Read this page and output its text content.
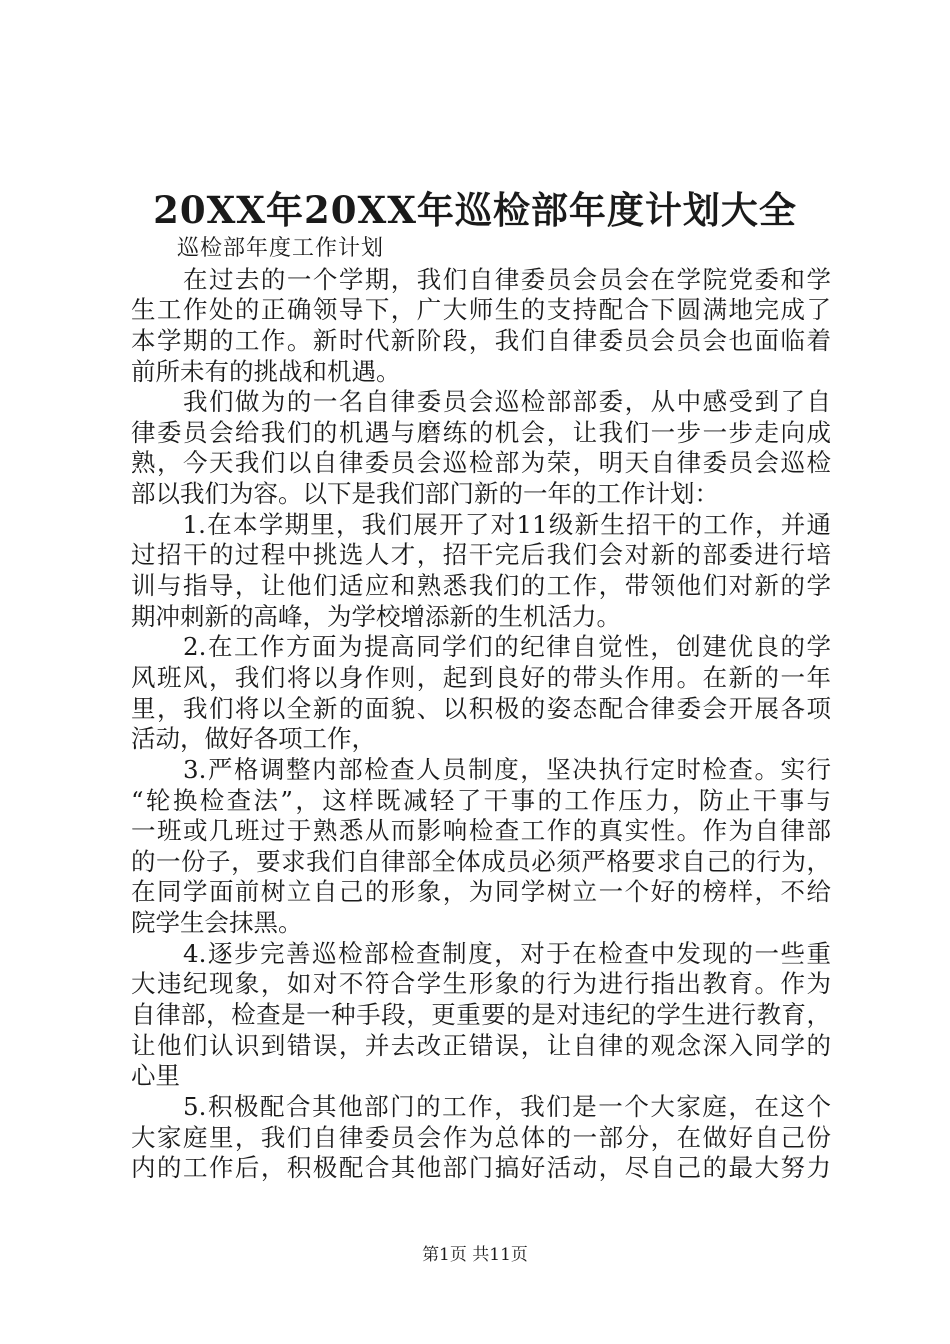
20XX年20XX年巡检部年度计划大全
　　巡检部年度工作计划
　　在过去的一个学期，我们自律委员会员会在学院党委和学
生工作处的正确领导下，广大师生的支持配合下圆满地完成了
本学期的工作。新时代新阶段，我们自律委员会员会也面临着
前所未有的挑战和机遇。
　　我们做为的一名自律委员会巡检部部委，从中感受到了自
律委员会给我们的机遇与磨练的机会，让我们一步一步走向成
熟，今天我们以自律委员会巡检部为荣，明天自律委员会巡检
部以我们为容。以下是我们部门新的一年的工作计划：
　　1.在本学期里，我们展开了对11级新生招干的工作，并通
过招干的过程中挑选人才，招干完后我们会对新的部委进行培
训与指导，让他们适应和熟悉我们的工作，带领他们对新的学
期冲刺新的高峰，为学校增添新的生机活力。
　　2.在工作方面为提高同学们的纪律自觉性，创建优良的学
风班风，我们将以身作则，起到良好的带头作用。在新的一年
里，我们将以全新的面貌、以积极的姿态配合律委会开展各项
活动，做好各项工作，
　　3.严格调整内部检查人员制度，坚决执行定时检查。实行
“轮换检查法”，这样既减轻了干事的工作压力，防止干事与
一班或几班过于熟悉从而影响检查工作的真实性。作为自律部
的一份子，要求我们自律部全体成员必须严格要求自己的行为，
在同学面前树立自己的形象，为同学树立一个好的榜样，不给
院学生会抹黑。
　　4.逐步完善巡检部检查制度，对于在检查中发现的一些重
大违纪现象，如对不符合学生形象的行为进行指出教育。作为
自律部，检查是一种手段，更重要的是对违纪的学生进行教育，
让他们认识到错误，并去改正错误，让自律的观念深入同学的
心里
　　5.积极配合其他部门的工作，我们是一个大家庭，在这个
大家庭里，我们自律委员会作为总体的一部分，在做好自己份
内的工作后，积极配合其他部门搞好活动，尽自己的最大努力
第1页 共11页
